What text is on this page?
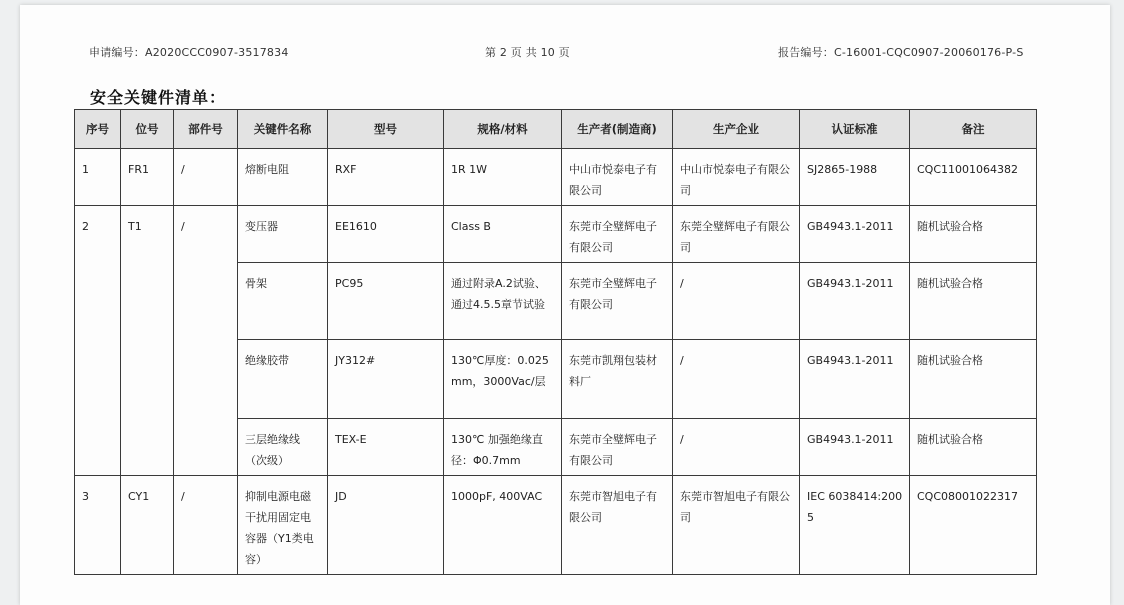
申请编号：A2020CCC0907-3517834	第 2 页 共 10 页	报告编号：C-16001-CQC0907-20060176-P-S
安全关键件清单：
序号	位号	部件号	关键件名称	型号	规格/材料	生产者(制造商)	生产企业	认证标准	备注
1	FR1	/	熔断电阻	RXF	1R 1W	中山市悦泰电子有限公司	中山市悦泰电子有限公司	SJ2865-1988	CQC11001064382
2	T1	/	变压器	EE1610	Class B	东莞市全璧辉电子有限公司	东莞全璧辉电子有限公司	GB4943.1-2011	随机试验合格
			骨架	PC95	通过附录A.2试验、通过4.5.5章节试验	东莞市全璧辉电子有限公司	/	GB4943.1-2011	随机试验合格
			绝缘胶带	JY312#	130℃厚度：0.025mm，3000Vac/层	东莞市凯翔包装材料厂	/	GB4943.1-2011	随机试验合格
			三层绝缘线（次级）	TEX-E	130℃ 加强绝缘直径：Φ0.7mm	东莞市全璧辉电子有限公司	/	GB4943.1-2011	随机试验合格
3	CY1	/	抑制电源电磁干扰用固定电容器（Y1类电容）	JD	1000pF, 400VAC	东莞市智旭电子有限公司	东莞市智旭电子有限公司	IEC 6038414:2005	CQC08001022317
